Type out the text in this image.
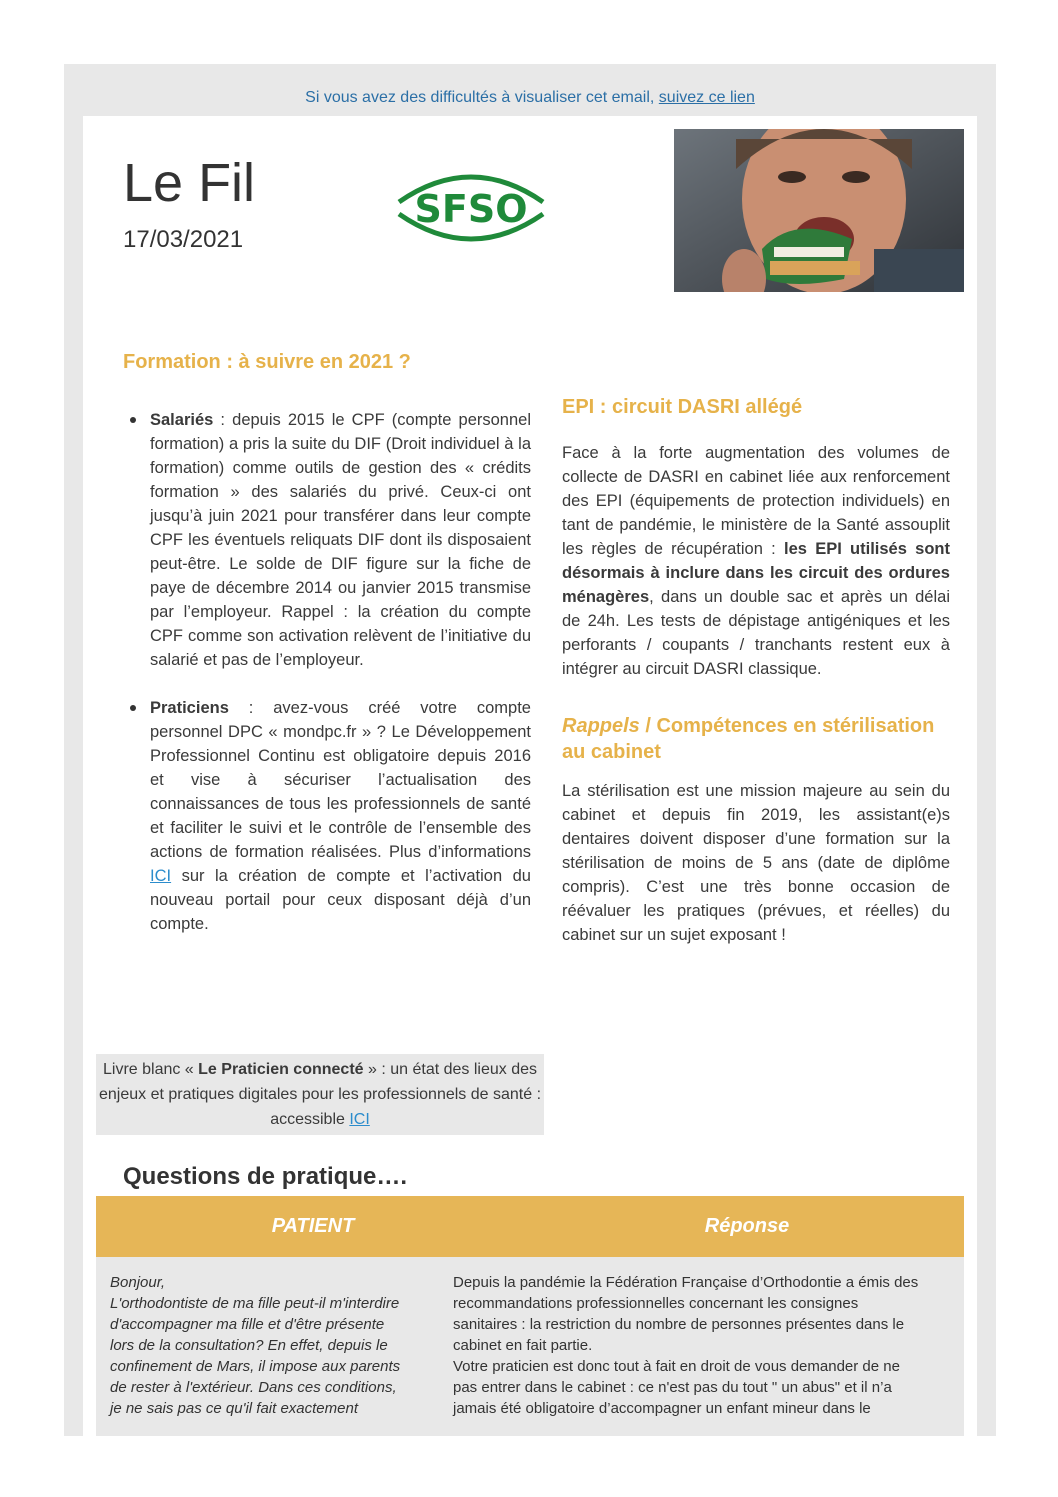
Si vous avez des difficultés à visualiser cet email, suivez ce lien
Le Fil
17/03/2021
SFSO
Formation : à suivre en 2021 ?
Salariés : depuis 2015 le CPF (compte personnel formation) a pris la suite du DIF (Droit individuel à la formation) comme outils de gestion des « crédits formation » des salariés du privé. Ceux-ci ont jusqu’à juin 2021 pour transférer dans leur compte CPF les éventuels reliquats DIF dont ils disposaient peut-être. Le solde de DIF figure sur la fiche de paye de décembre 2014 ou janvier 2015 transmise par l’employeur. Rappel : la création du compte CPF comme son activation relèvent de l’initiative du salarié et pas de l’employeur.
Praticiens : avez-vous créé votre compte personnel DPC « mondpc.fr » ? Le Développement Professionnel Continu est obligatoire depuis 2016 et vise à sécuriser l’actualisation des connaissances de tous les professionnels de santé et faciliter le suivi et le contrôle de l’ensemble des actions de formation réalisées. Plus d’informations ICI sur la création de compte et l’activation du nouveau portail pour ceux disposant déjà d’un compte.
Livre blanc « Le Praticien connecté » : un état des lieux des enjeux et pratiques digitales pour les professionnels de santé : accessible ICI
EPI : circuit DASRI allégé

Face à la forte augmentation des volumes de collecte de DASRI en cabinet liée aux renforcement des EPI (équipements de protection individuels) en tant de pandémie, le ministère de la Santé assouplit les règles de récupération : les EPI utilisés sont désormais à inclure dans les circuit des ordures ménagères, dans un double sac et après un délai de 24h. Les tests de dépistage antigéniques et les perforants / coupants / tranchants restent eux à intégrer au circuit DASRI classique.

Rappels / Compétences en stérilisation au cabinet

La stérilisation est une mission majeure au sein du cabinet et depuis fin 2019, les assistant(e)s dentaires doivent disposer d’une formation sur la stérilisation de moins de 5 ans (date de diplôme compris). C’est une très bonne occasion de réévaluer les pratiques (prévues, et réelles) du cabinet sur un sujet exposant !

Questions de pratique….
PATIENT	Réponse
Bonjour,
L'orthodontiste de ma fille peut-il m'interdire
d'accompagner ma fille et d'être présente
lors de la consultation? En effet, depuis le
confinement de Mars, il impose aux parents
de rester à l'extérieur. Dans ces conditions,
je ne sais pas ce qu'il fait exactement
Depuis la pandémie la Fédération Française d’Orthodontie a émis des
recommandations professionnelles concernant les consignes
sanitaires : la restriction du nombre de personnes présentes dans le
cabinet en fait partie.
Votre praticien est donc tout à fait en droit de vous demander de ne
pas entrer dans le cabinet : ce n'est pas du tout " un abus" et il n’a
jamais été obligatoire d’accompagner un enfant mineur dans le
